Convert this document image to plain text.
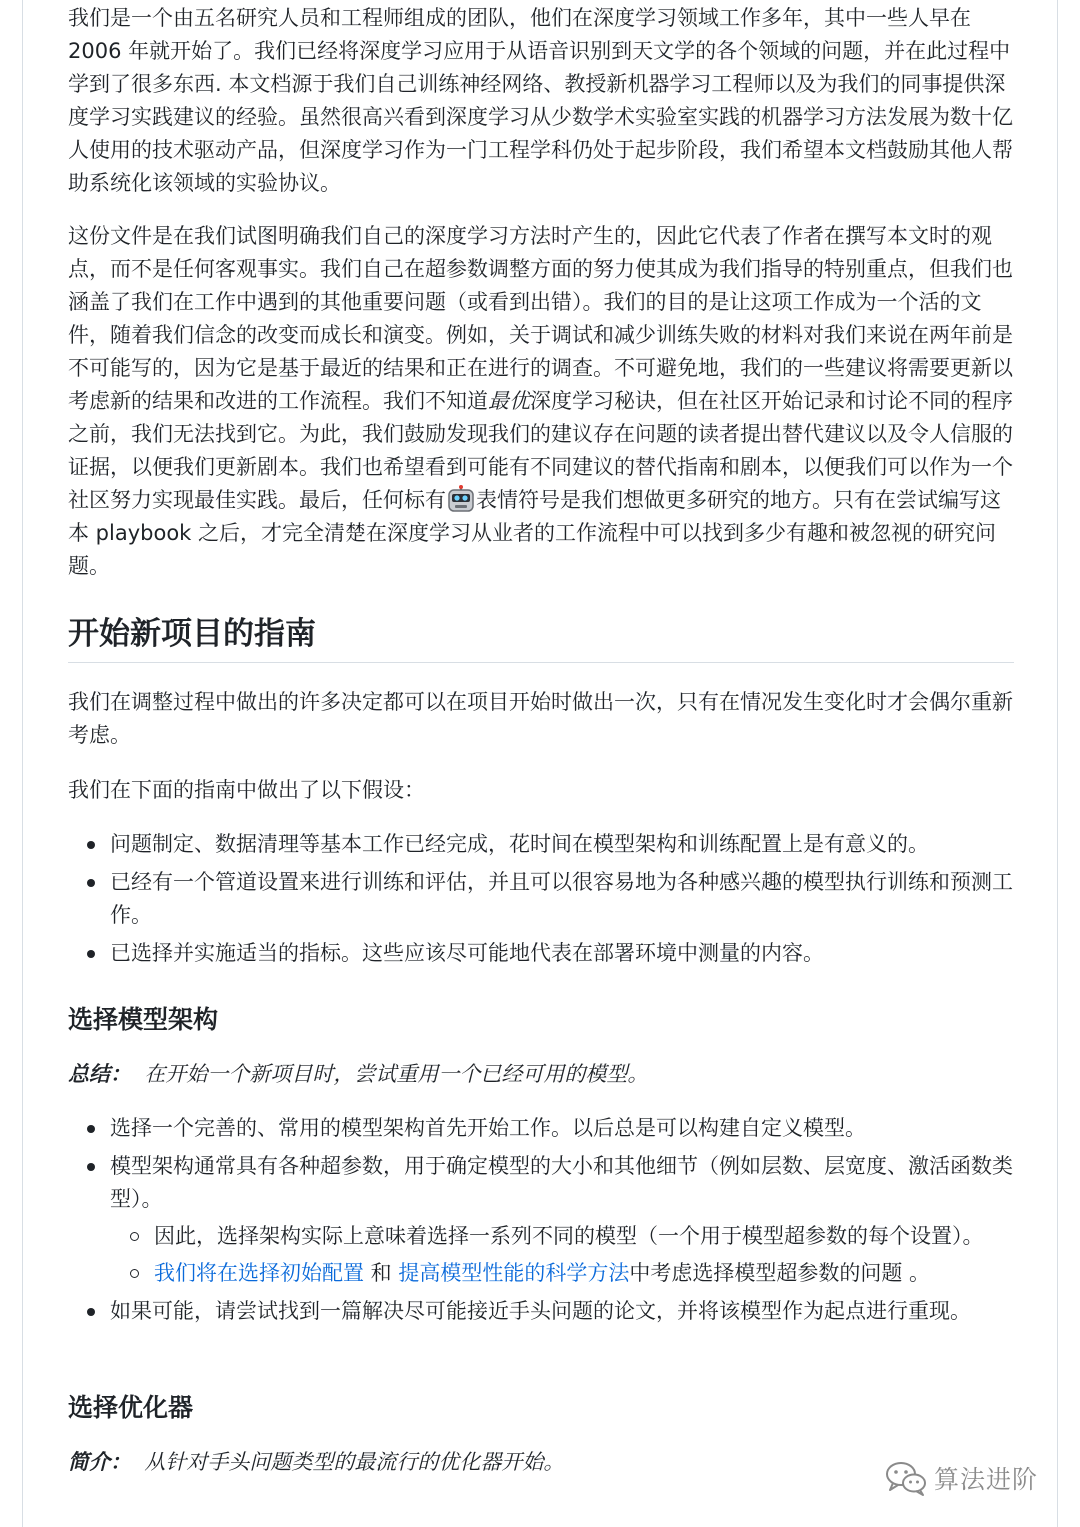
我们是一个由五名研究人员和工程师组成的团队，他们在深度学习领域工作多年，其中一些人早在 2006 年就开始了。我们已经将深度学习应用于从语音识别到天文学的各个领域的问题，并在此过程中学到了很多东西. 本文档源于我们自己训练神经网络、教授新机器学习工程师以及为我们的同事提供深度学习实践建议的经验。虽然很高兴看到深度学习从少数学术实验室实践的机器学习方法发展为数十亿人使用的技术驱动产品，但深度学习作为一门工程学科仍处于起步阶段，我们希望本文档鼓励其他人帮助系统化该领域的实验协议。

这份文件是在我们试图明确我们自己的深度学习方法时产生的，因此它代表了作者在撰写本文时的观点，而不是任何客观事实。我们自己在超参数调整方面的努力使其成为我们指导的特别重点，但我们也涵盖了我们在工作中遇到的其他重要问题（或看到出错）。我们的目的是让这项工作成为一个活的文件，随着我们信念的改变而成长和演变。例如，关于调试和减少训练失败的材料对我们来说在两年前是不可能写的，因为它是基于最近的结果和正在进行的调查。不可避免地，我们的一些建议将需要更新以考虑新的结果和改进的工作流程。我们不知道最优深度学习秘诀，但在社区开始记录和讨论不同的程序之前，我们无法找到它。为此，我们鼓励发现我们的建议存在问题的读者提出替代建议以及令人信服的证据，以便我们更新剧本。我们也希望看到可能有不同建议的替代指南和剧本，以便我们可以作为一个社区努力实现最佳实践。最后，任何标有 表情符号是我们想做更多研究的地方。只有在尝试编写这本 playbook 之后，才完全清楚在深度学习从业者的工作流程中可以找到多少有趣和被忽视的研究问题。

开始新项目的指南

我们在调整过程中做出的许多决定都可以在项目开始时做出一次，只有在情况发生变化时才会偶尔重新考虑。

我们在下面的指南中做出了以下假设：

问题制定、数据清理等基本工作已经完成，花时间在模型架构和训练配置上是有意义的。
已经有一个管道设置来进行训练和评估，并且可以很容易地为各种感兴趣的模型执行训练和预测工作。
已选择并实施适当的指标。这些应该尽可能地代表在部署环境中测量的内容。
选择模型架构

总结： 在开始一个新项目时，尝试重用一个已经可用的模型。

选择一个完善的、常用的模型架构首先开始工作。以后总是可以构建自定义模型。
模型架构通常具有各种超参数，用于确定模型的大小和其他细节（例如层数、层宽度、激活函数类型）。
因此，选择架构实际上意味着选择一系列不同的模型（一个用于模型超参数的每个设置）。
我们将在选择初始配置 和 提高模型性能的科学方法中考虑选择模型超参数的问题 。
如果可能，请尝试找到一篇解决尽可能接近手头问题的论文，并将该模型作为起点进行重现。
选择优化器

简介： 从针对手头问题类型的最流行的优化器开始。

算法进阶
